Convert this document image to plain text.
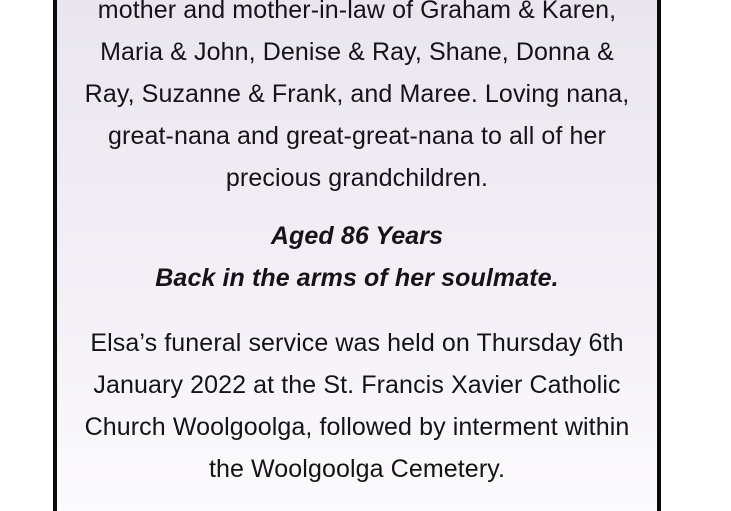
mother and mother-in-law of Graham & Karen,
Maria & John, Denise & Ray, Shane, Donna &
Ray, Suzanne & Frank, and Maree. Loving nana,
great-nana and great-great-nana to all of her
precious grandchildren.

Aged 86 Years
Back in the arms of her soulmate.

Elsa’s funeral service was held on Thursday 6th
January 2022 at the St. Francis Xavier Catholic
Church Woolgoolga, followed by interment within
the Woolgoolga Cemetery.
